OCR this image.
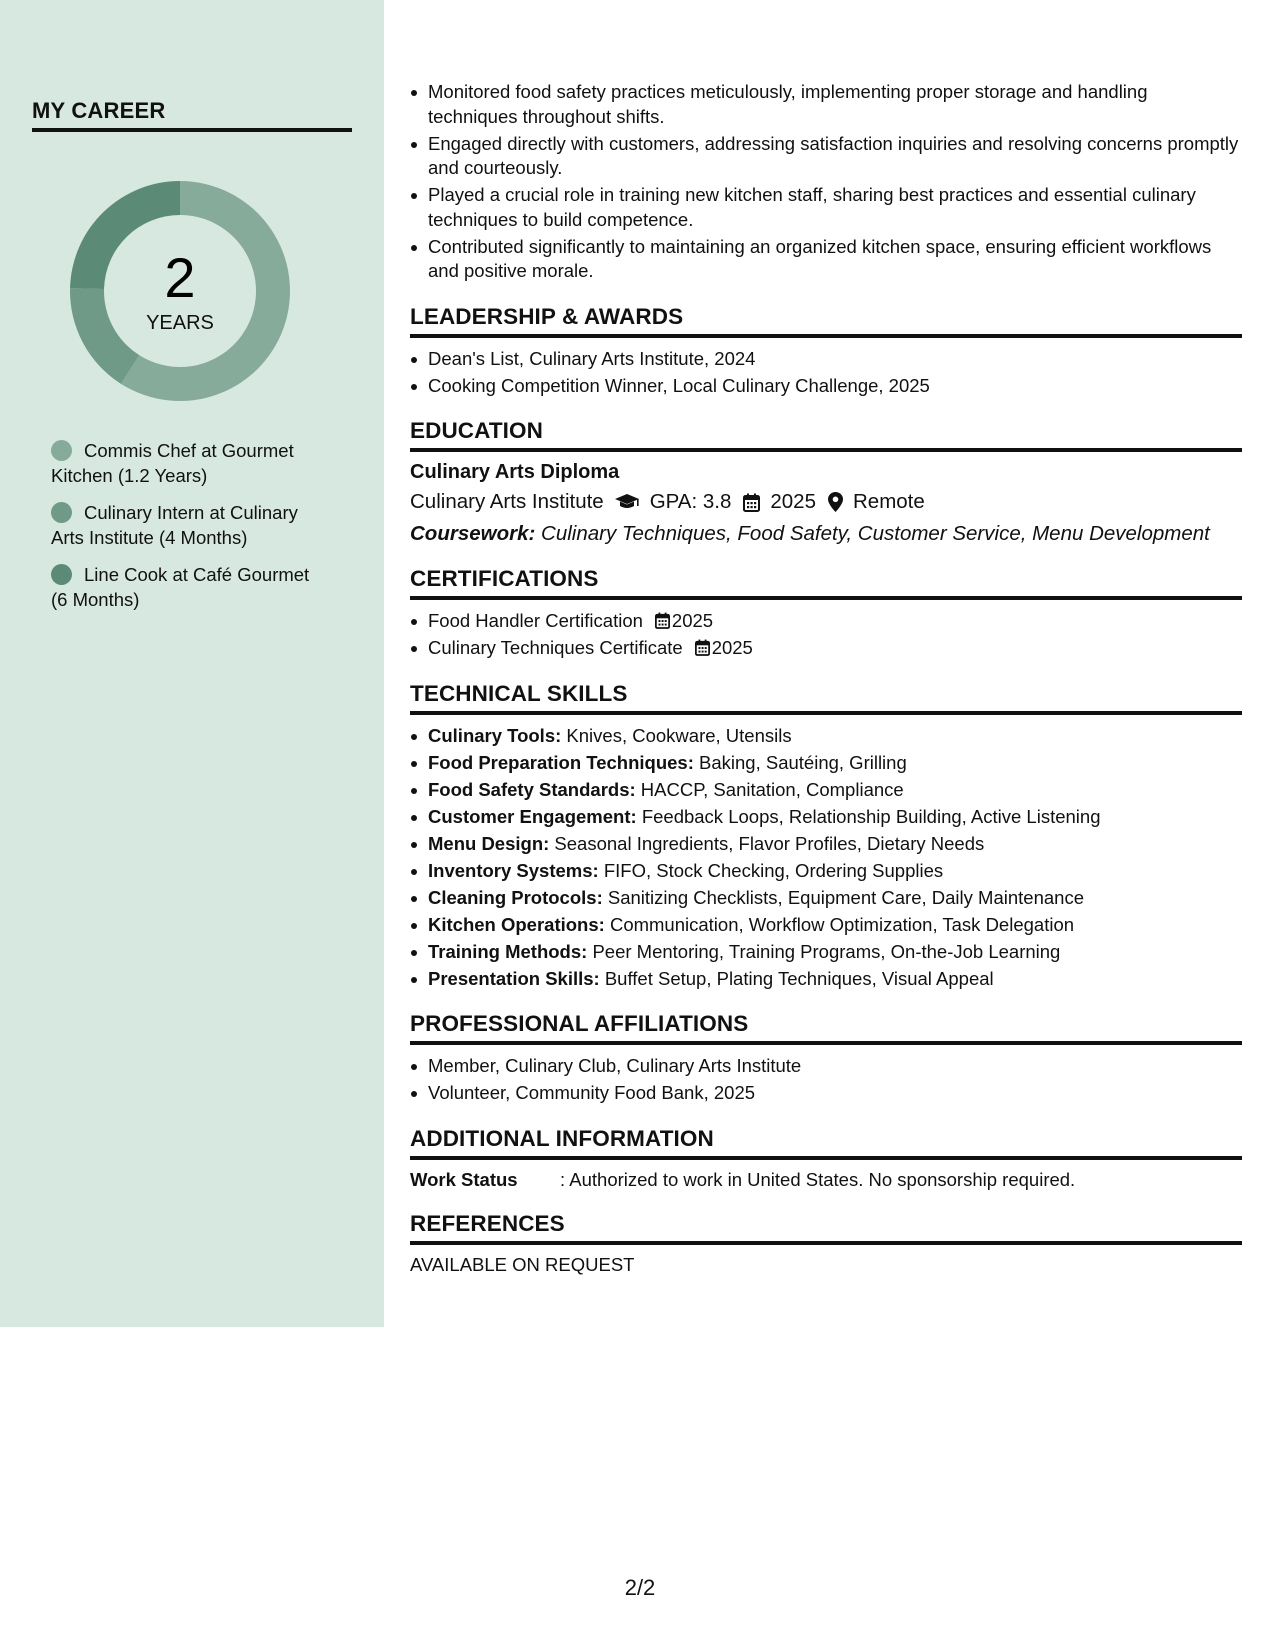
MY CAREER
2
YEARS
Commis Chef at Gourmet Kitchen (1.2 Years)
Culinary Intern at Culinary Arts Institute (4 Months)
Line Cook at Café Gourmet (6 Months)
Monitored food safety practices meticulously, implementing proper storage and handling techniques throughout shifts.
Engaged directly with customers, addressing satisfaction inquiries and resolving concerns promptly and courteously.
Played a crucial role in training new kitchen staff, sharing best practices and essential culinary techniques to build competence.
Contributed significantly to maintaining an organized kitchen space, ensuring efficient workflows and positive morale.
LEADERSHIP & AWARDS
Dean's List, Culinary Arts Institute, 2024
Cooking Competition Winner, Local Culinary Challenge, 2025
EDUCATION
Culinary Arts Diploma
Culinary Arts Institute GPA: 3.8 2025 Remote
Coursework: Culinary Techniques, Food Safety, Customer Service, Menu Development
CERTIFICATIONS
Food Handler Certification 2025
Culinary Techniques Certificate 2025
TECHNICAL SKILLS
Culinary Tools: Knives, Cookware, Utensils
Food Preparation Techniques: Baking, Sautéing, Grilling
Food Safety Standards: HACCP, Sanitation, Compliance
Customer Engagement: Feedback Loops, Relationship Building, Active Listening
Menu Design: Seasonal Ingredients, Flavor Profiles, Dietary Needs
Inventory Systems: FIFO, Stock Checking, Ordering Supplies
Cleaning Protocols: Sanitizing Checklists, Equipment Care, Daily Maintenance
Kitchen Operations: Communication, Workflow Optimization, Task Delegation
Training Methods: Peer Mentoring, Training Programs, On-the-Job Learning
Presentation Skills: Buffet Setup, Plating Techniques, Visual Appeal
PROFESSIONAL AFFILIATIONS
Member, Culinary Club, Culinary Arts Institute
Volunteer, Community Food Bank, 2025
ADDITIONAL INFORMATION
Work Status	: Authorized to work in United States. No sponsorship required.
REFERENCES
AVAILABLE ON REQUEST
2/2
